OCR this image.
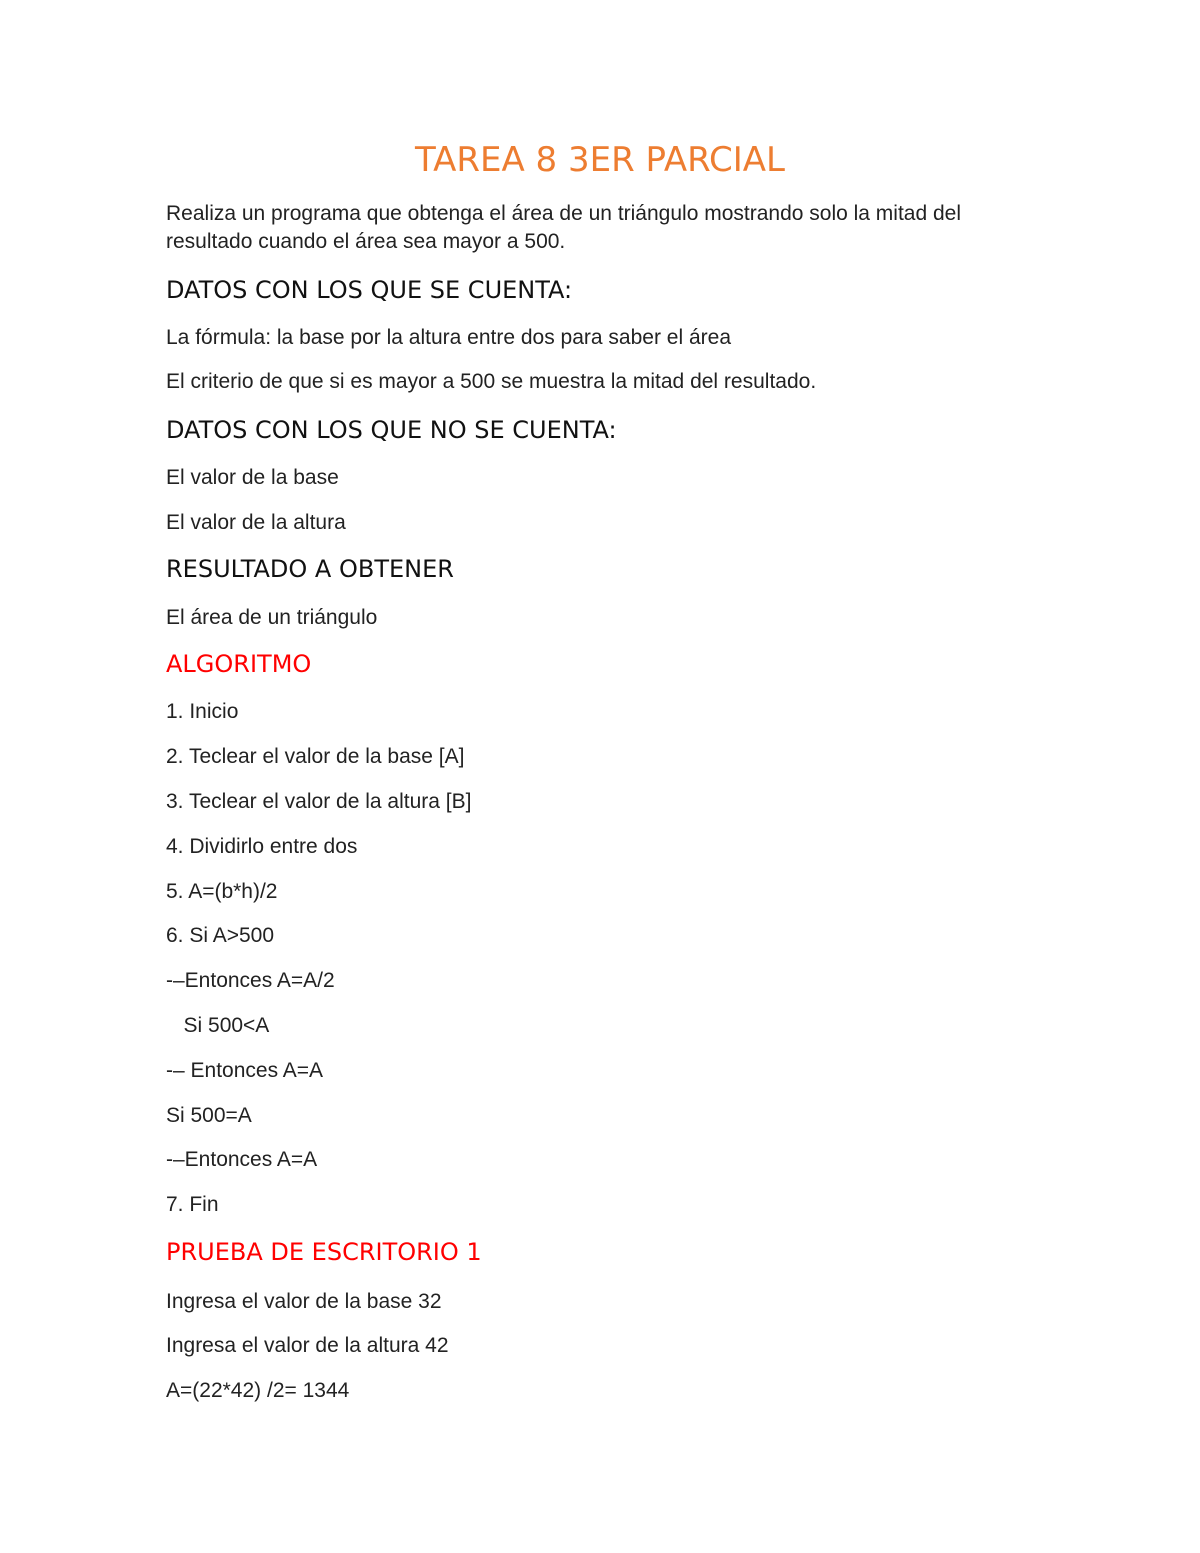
TAREA 8 3ER PARCIAL

Realiza un programa que obtenga el área de un triángulo mostrando solo la mitad del resultado cuando el área sea mayor a 500.

DATOS CON LOS QUE SE CUENTA:

La fórmula: la base por la altura entre dos para saber el área

El criterio de que si es mayor a 500 se muestra la mitad del resultado.

DATOS CON LOS QUE NO SE CUENTA:

El valor de la base

El valor de la altura

RESULTADO A OBTENER

El área de un triángulo

ALGORITMO

1. Inicio

2. Teclear el valor de la base [A]

3. Teclear el valor de la altura [B]

4. Dividirlo entre dos

5. A=(b*h)/2

6. Si A>500

-–Entonces A=A/2

Si 500<A

-– Entonces A=A

Si 500=A

-–Entonces A=A

7. Fin

PRUEBA DE ESCRITORIO 1

Ingresa el valor de la base 32

Ingresa el valor de la altura 42

A=(22*42) /2= 1344
